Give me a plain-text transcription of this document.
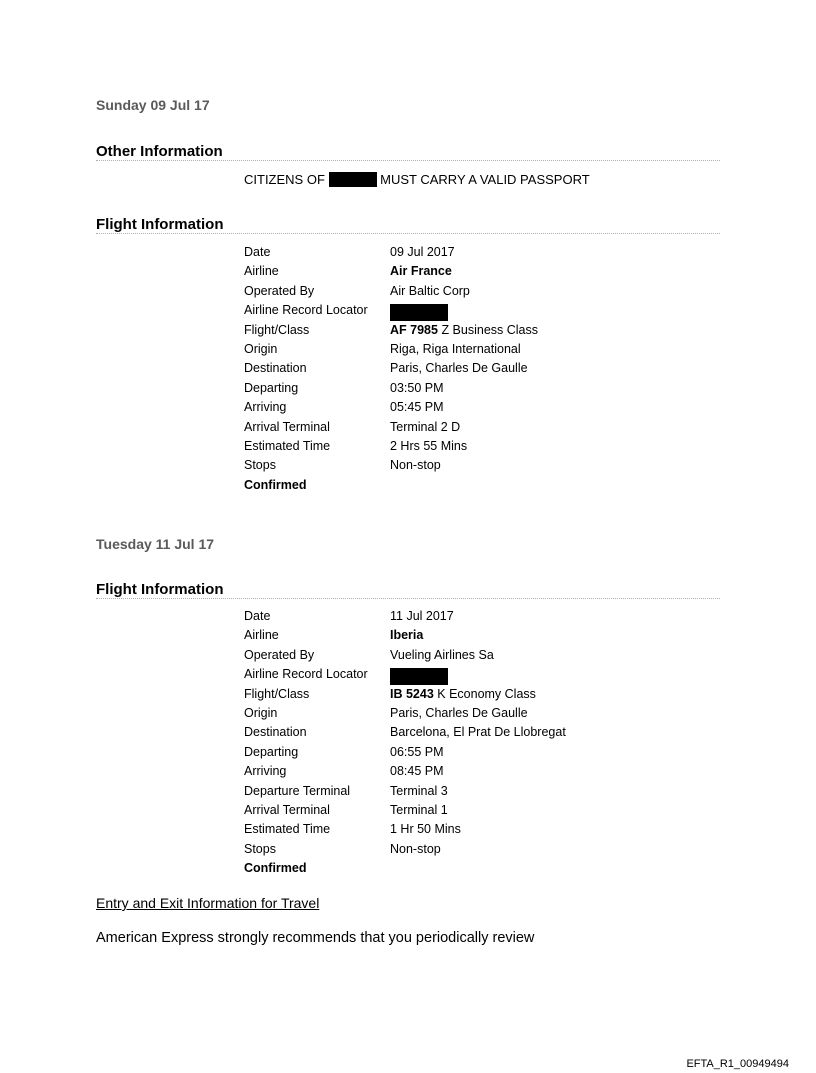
Sunday 09 Jul 17
Other Information
CITIZENS OF	MUST CARRY A VALID PASSPORT
Flight Information
Date	09 Jul 2017
Airline	Air France
Operated By	Air Baltic Corp
Airline Record Locator
Flight/Class	AF 7985 Z Business Class
Origin	Riga, Riga International
Destination	Paris, Charles De Gaulle
Departing	03:50 PM
Arriving	05:45 PM
Arrival Terminal	Terminal 2 D
Estimated Time	2 Hrs 55 Mins
Stops	Non-stop
Confirmed
Tuesday 11 Jul 17
Flight Information
Date	11 Jul 2017
Airline	Iberia
Operated By	Vueling Airlines Sa
Airline Record Locator
Flight/Class	IB 5243 K Economy Class
Origin	Paris, Charles De Gaulle
Destination	Barcelona, El Prat De Llobregat
Departing	06:55 PM
Arriving	08:45 PM
Departure Terminal	Terminal 3
Arrival Terminal	Terminal 1
Estimated Time	1 Hr 50 Mins
Stops	Non-stop
Confirmed
Entry and Exit Information for Travel
American Express strongly recommends that you periodically review
EFTA_R1_00949494
